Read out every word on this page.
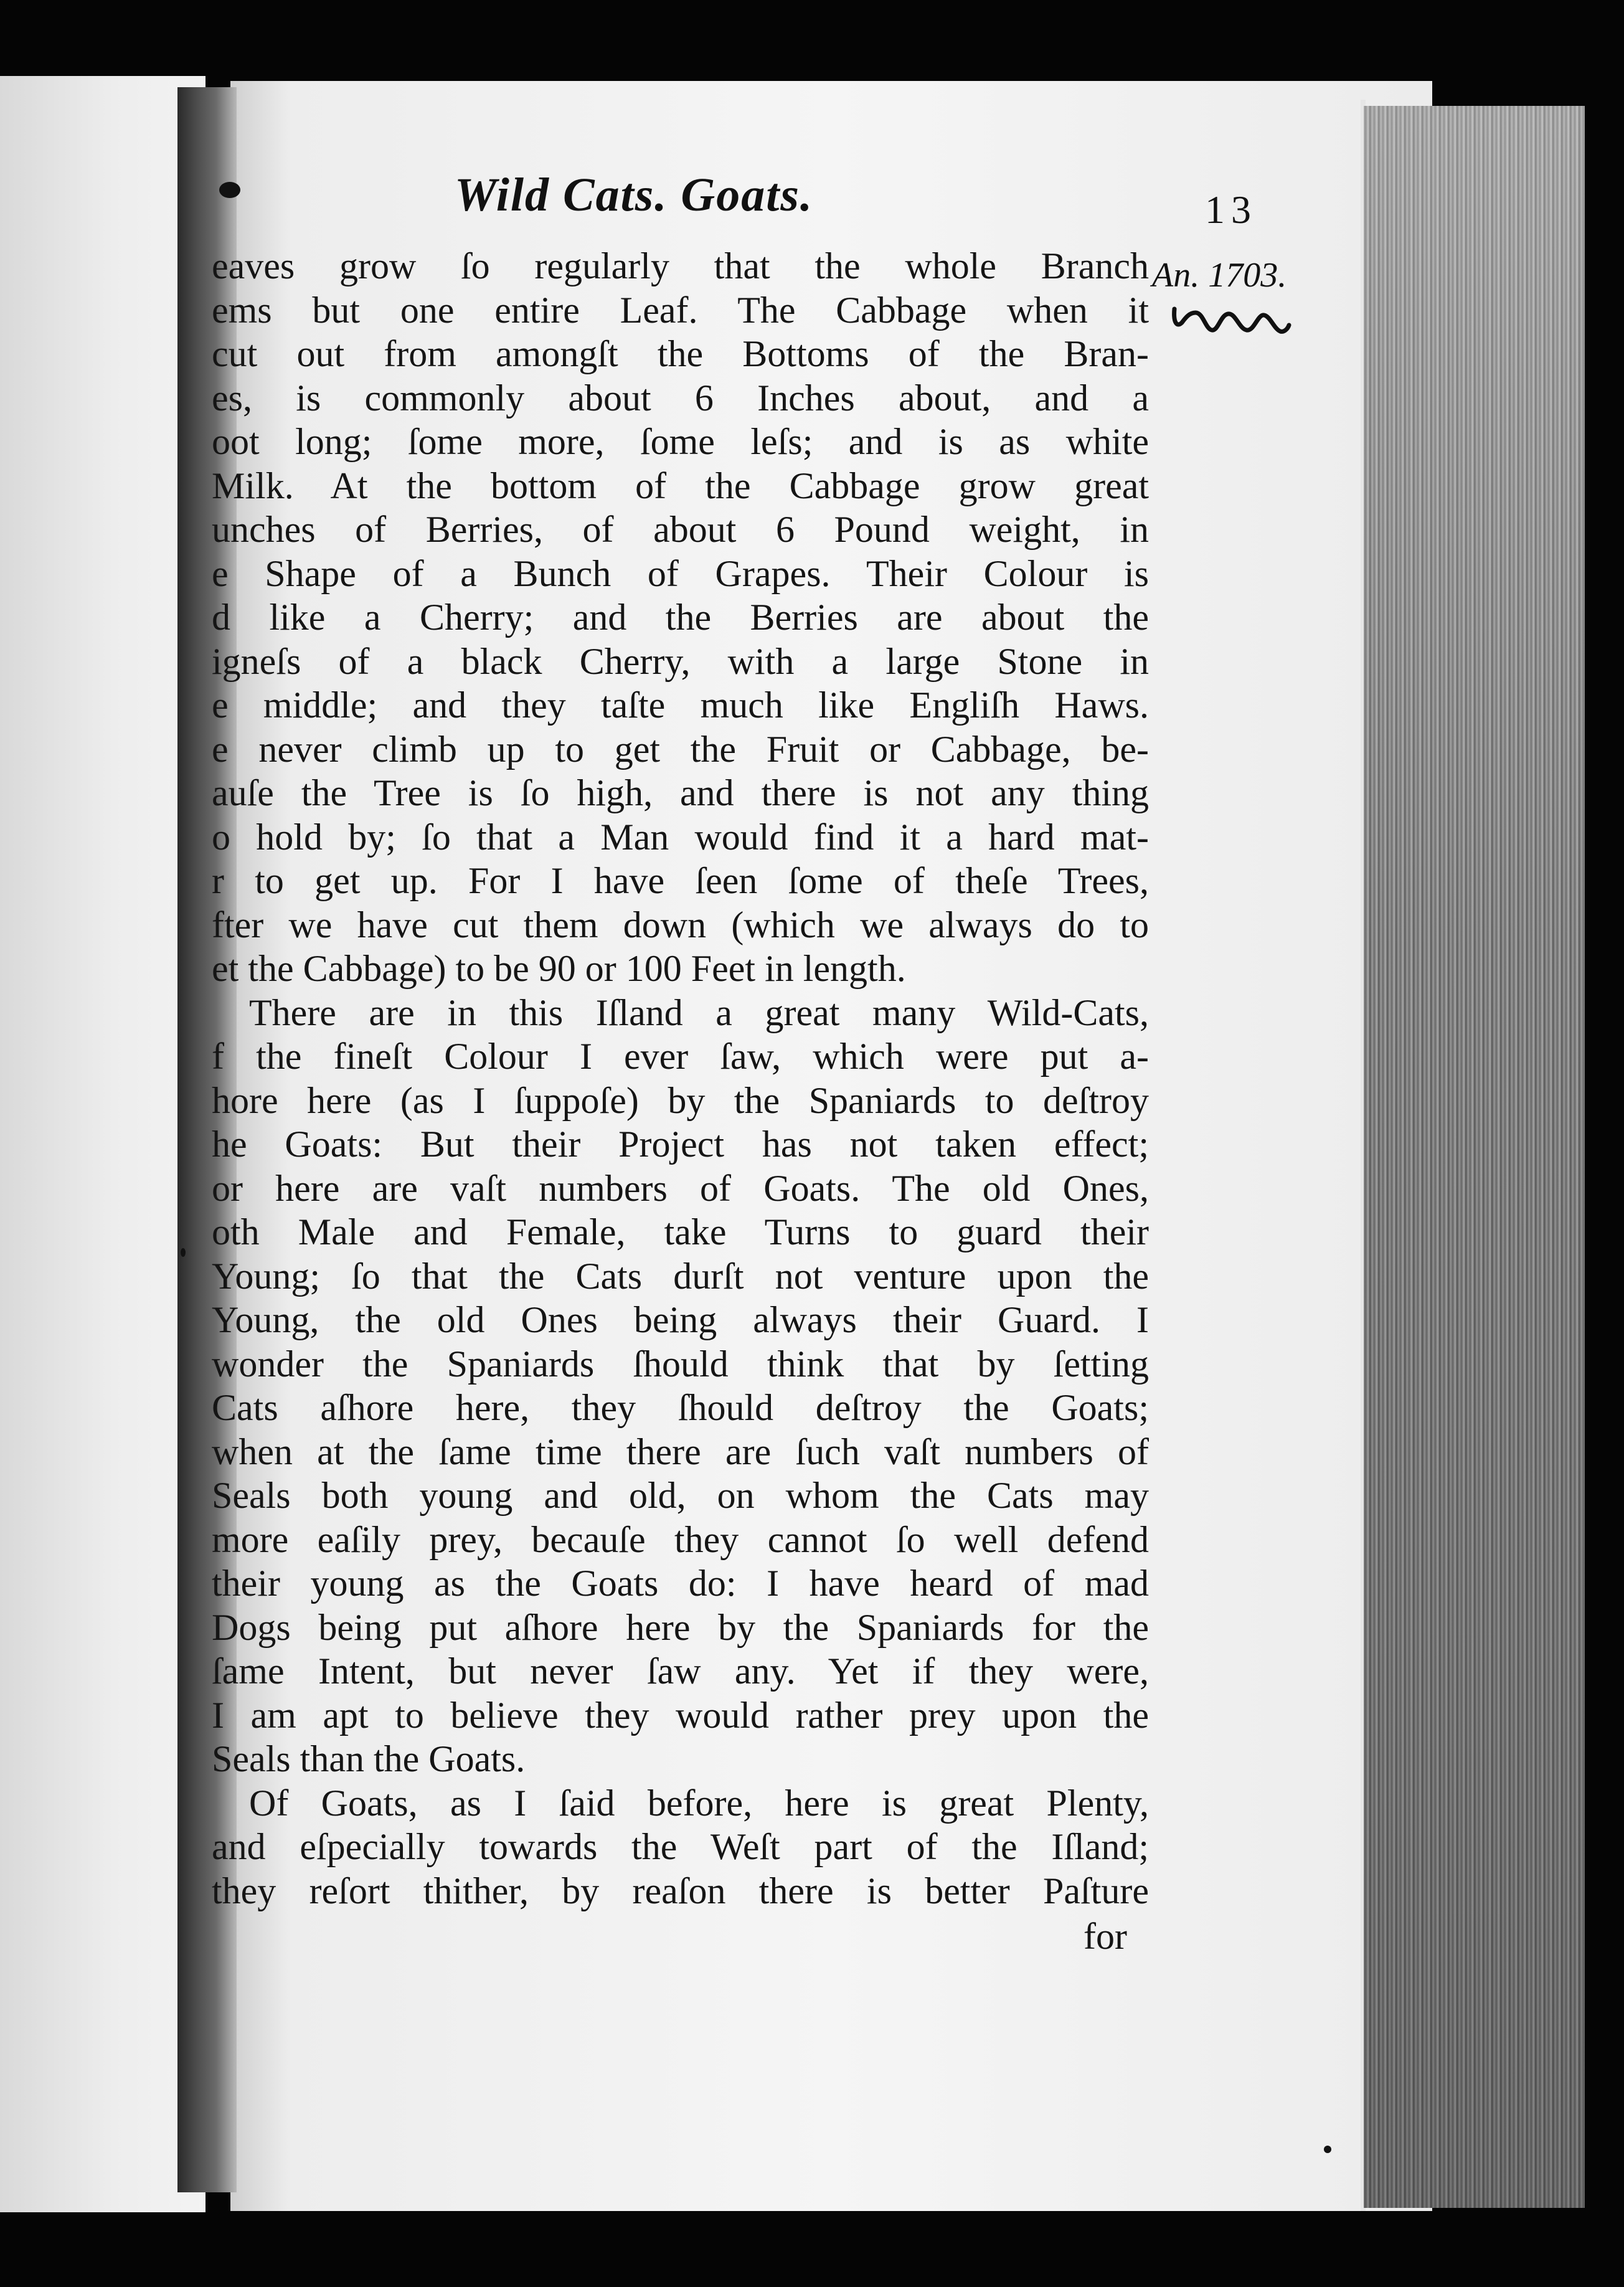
Wild Cats. Goats.	13
An. 1703.
eaves grow ſo regularly that the whole Branch
ems but one entire Leaf. The Cabbage when it
cut out from amongſt the Bottoms of the Bran-
es, is commonly about 6 Inches about, and a
oot long; ſome more, ſome leſs; and is as white
Milk. At the bottom of the Cabbage grow great
unches of Berries, of about 6 Pound weight, in
e Shape of a Bunch of Grapes. Their Colour is
d like a Cherry; and the Berries are about the
igneſs of a black Cherry, with a large Stone in
e middle; and they taſte much like Engliſh Haws.
e never climb up to get the Fruit or Cabbage, be-
auſe the Tree is ſo high, and there is not any thing
o hold by; ſo that a Man would find it a hard mat-
r to get up. For I have ſeen ſome of theſe Trees,
fter we have cut them down (which we always do to
et the Cabbage) to be 90 or 100 Feet in length.
There are in this Iſland a great many Wild-Cats,
f the fineſt Colour I ever ſaw, which were put a-
hore here (as I ſuppoſe) by the Spaniards to deſtroy
he Goats: But their Project has not taken effect;
or here are vaſt numbers of Goats. The old Ones,
oth Male and Female, take Turns to guard their
Young; ſo that the Cats durſt not venture upon the
Young, the old Ones being always their Guard. I
wonder the Spaniards ſhould think that by ſetting
Cats aſhore here, they ſhould deſtroy the Goats;
when at the ſame time there are ſuch vaſt numbers of
Seals both young and old, on whom the Cats may
more eaſily prey, becauſe they cannot ſo well defend
their young as the Goats do: I have heard of mad
Dogs being put aſhore here by the Spaniards for the
ſame Intent, but never ſaw any. Yet if they were,
I am apt to believe they would rather prey upon the
Seals than the Goats.
Of Goats, as I ſaid before, here is great Plenty,
and eſpecially towards the Weſt part of the Iſland;
they reſort thither, by reaſon there is better Paſture
for
